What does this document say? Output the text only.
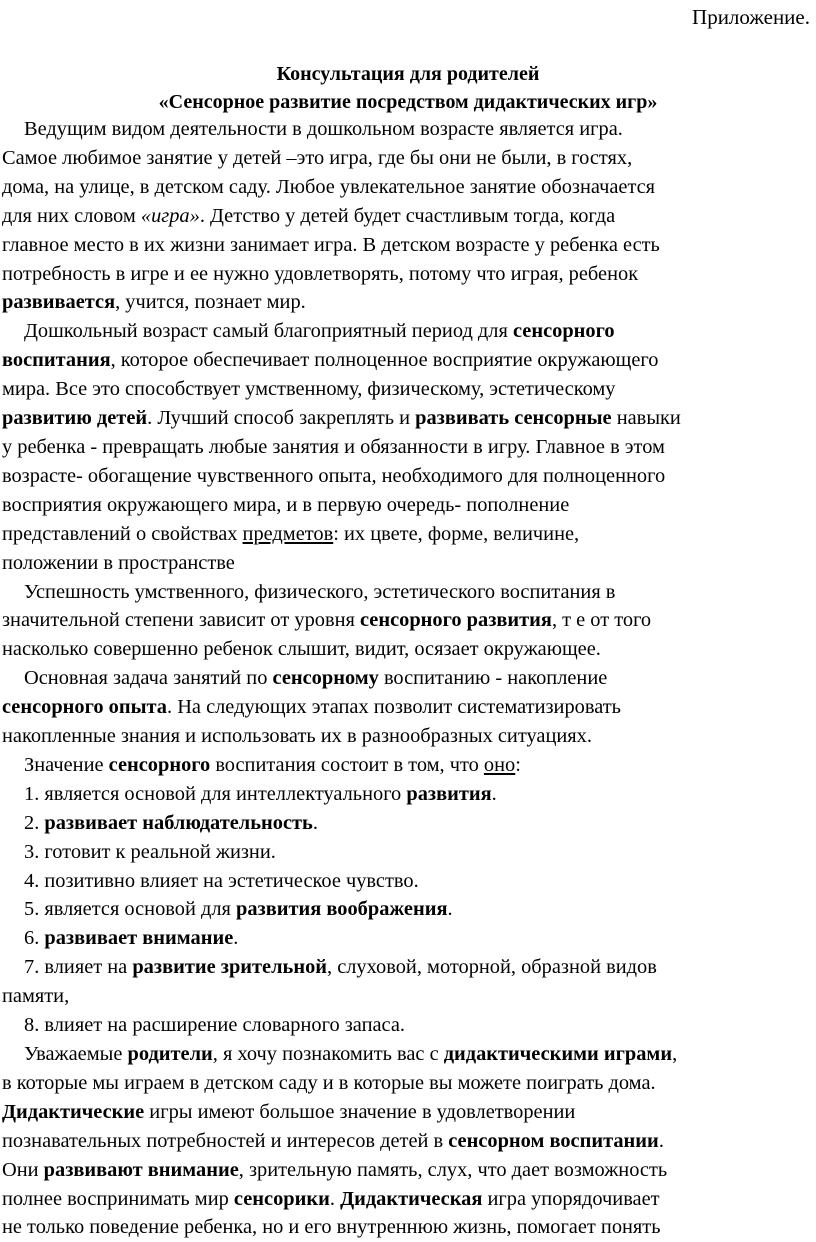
Приложение.
Консультация для родителей
«Сенсорное развитие посредством дидактических игр»

Ведущим видом деятельности в дошкольном возрасте является игра.

Самое любимое занятие у детей –это игра, где бы они не были, в гостях,

дома, на улице, в детском саду. Любое увлекательное занятие обозначается

для них словом «игра». Детство у детей будет счастливым тогда, когда

главное место в их жизни занимает игра. В детском возрасте у ребенка есть

потребность в игре и ее нужно удовлетворять, потому что играя, ребенок

развивается, учится, познает мир.

Дошкольный возраст самый благоприятный период для сенсорного

воспитания, которое обеспечивает полноценное восприятие окружающего

мира. Все это способствует умственному, физическому, эстетическому

развитию детей. Лучший способ закреплять и развивать сенсорные навыки

у ребенка - превращать любые занятия и обязанности в игру. Главное в этом

возрасте- обогащение чувственного опыта, необходимого для полноценного

восприятия окружающего мира, и в первую очередь- пополнение

представлений о свойствах предметов: их цвете, форме, величине,

положении в пространстве

Успешность умственного, физического, эстетического воспитания в

значительной степени зависит от уровня сенсорного развития, т е от того

насколько совершенно ребенок слышит, видит, осязает окружающее.

Основная задача занятий по сенсорному воспитанию - накопление

сенсорного опыта. На следующих этапах позволит систематизировать

накопленные знания и использовать их в разнообразных ситуациях.

Значение сенсорного воспитания состоит в том, что оно:

1. является основой для интеллектуального развития.

2. развивает наблюдательность.

3. готовит к реальной жизни.

4. позитивно влияет на эстетическое чувство.

5. является основой для развития воображения.

6. развивает внимание.

7. влияет на развитие зрительной, слуховой, моторной, образной видов

памяти,

8. влияет на расширение словарного запаса.

Уважаемые родители, я хочу познакомить вас с дидактическими играми,

в которые мы играем в детском саду и в которые вы можете поиграть дома.

Дидактические игры имеют большое значение в удовлетворении

познавательных потребностей и интересов детей в сенсорном воспитании.

Они развивают внимание, зрительную память, слух, что дает возможность

полнее воспринимать мир сенсорики. Дидактическая игра упорядочивает

не только поведение ребенка, но и его внутреннюю жизнь, помогает понять
